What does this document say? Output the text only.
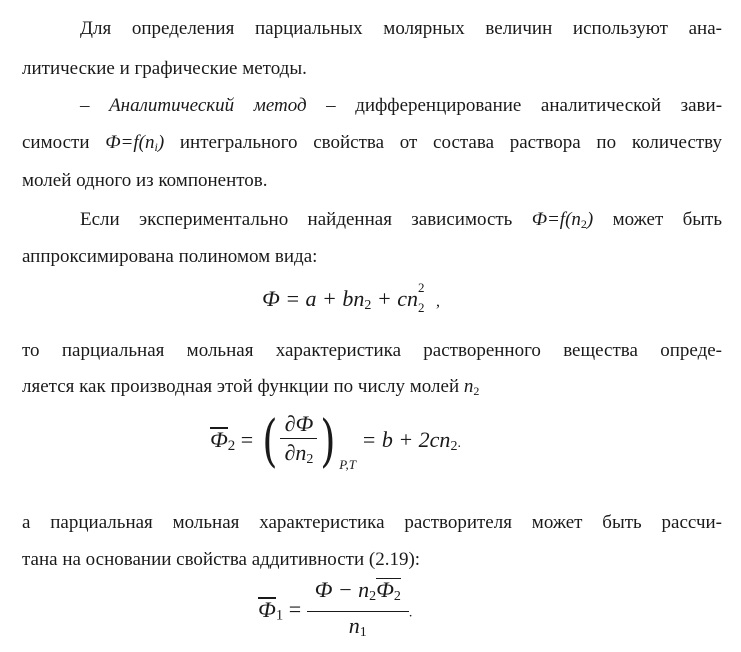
Для определения парциальных молярных величин используют ана-
литические и графические методы.
– Аналитический метод – дифференцирование аналитической зави-
симости $Ф=f(n_i)$ интегрального свойства от состава раствора по количеству
молей одного из компонентов.
Если экспериментально найденная зависимость $Ф=f(n_2)$ может быть
аппроксимирована полиномом вида:
$Ф = a + bn_2$ + cn 2
2 ,
то парциальная мольная характеристика растворенного вещества опреде-
ляется как производная этой функции по числу молей $n_2$
$Ф_2$ = ( $\frac{\partial Ф}{\partial n_2}$ ) $_{P,T} = b + 2cn_2$.
а парциальная мольная характеристика растворителя может быть рассчи-
тана на основании свойства аддитивности (2.19):
$Ф_1 = \frac{Ф - n_2Ф_2}{n_1}$ .
